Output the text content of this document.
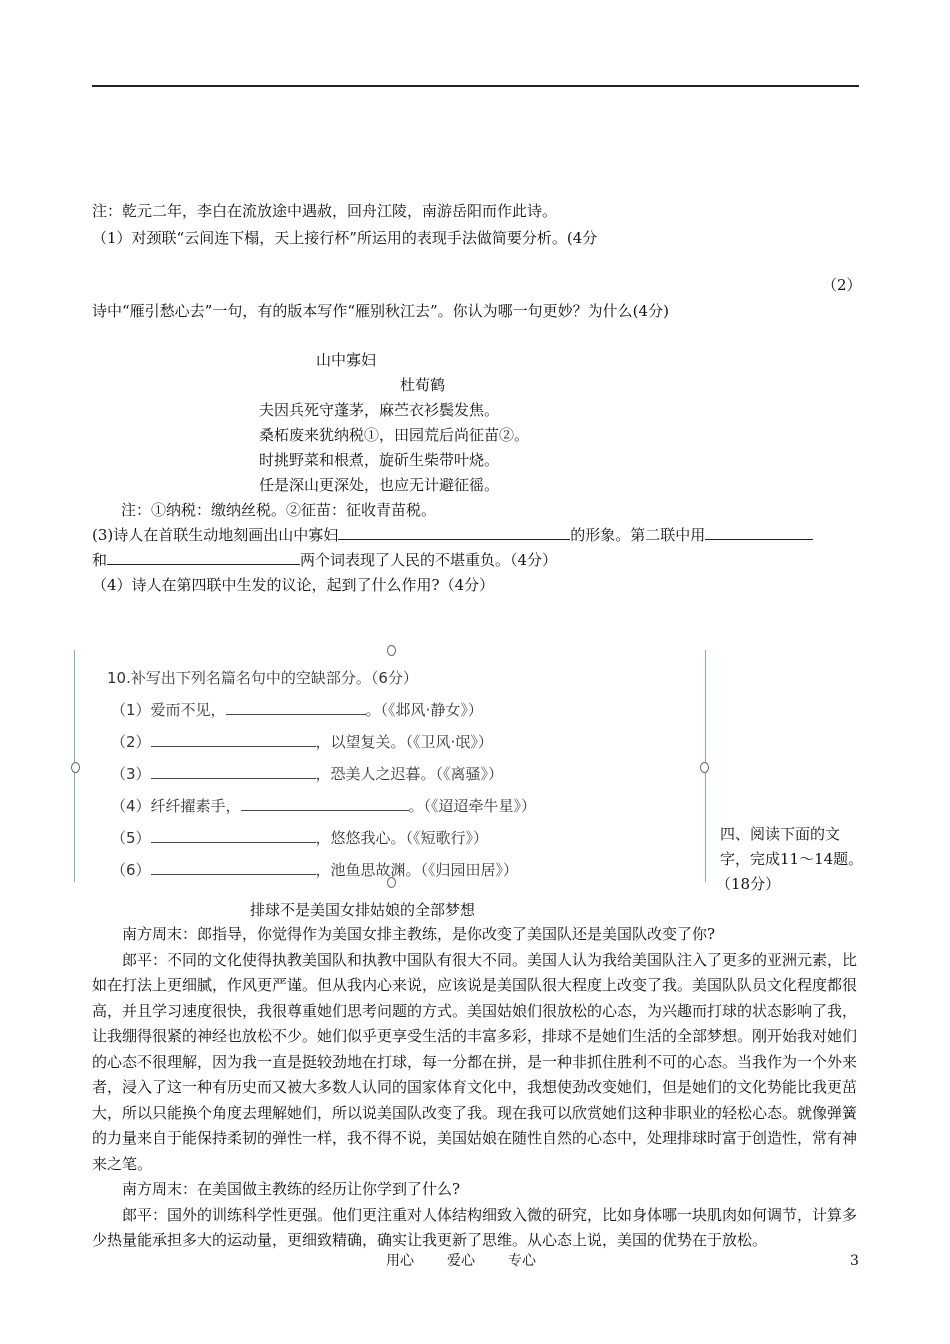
注：乾元二年，李白在流放途中遇赦，回舟江陵，南游岳阳而作此诗。
（1）对颈联“云间连下榻，天上接行杯”所运用的表现手法做简要分析。(4分
（2）
诗中“雁引愁心去”一句，有的版本写作“雁别秋江去”。你认为哪一句更妙？为什么(4分)
山中寡妇
杜荀鹤
夫因兵死守蓬茅，麻苎衣衫鬓发焦。
桑柘废来犹纳税①，田园荒后尚征苗②。
时挑野菜和根煮，旋斫生柴带叶烧。
任是深山更深处，也应无计避征徭。
注：①纳税：缴纳丝税。②征苗：征收青苗税。
(3)诗人在首联生动地刻画出山中寡妇	的形象。第二联中用
和	两个词表现了人民的不堪重负。（4分）
（4）诗人在第四联中生发的议论，起到了什么作用?（4分）
10.补写出下列名篇名句中的空缺部分。（6分）
（1）爱而不见，	。（《邶风·静女》）
（2）	，以望复关。（《卫风·氓》）
（3）	，恐美人之迟暮。（《离骚》）
（4）纤纤擢素手，	。（《迢迢牵牛星》）
（5）	，悠悠我心。（《短歌行》）
（6）	，池鱼思故渊。（《归园田居》）
四、阅读下面的文
字，完成11～14题。
（18分）
排球不是美国女排姑娘的全部梦想

南方周末：郎指导，你觉得作为美国女排主教练，是你改变了美国队还是美国队改变了你?

郎平：不同的文化使得执教美国队和执教中国队有很大不同。美国人认为我给美国队注入了更多的亚洲元素，比如在打法上更细腻，作风更严谨。但从我内心来说，应该说是美国队很大程度上改变了我。美国队队员文化程度都很高，并且学习速度很快，我很尊重她们思考问题的方式。美国姑娘们很放松的心态，为兴趣而打球的状态影响了我，让我绷得很紧的神经也放松不少。她们似乎更享受生活的丰富多彩，排球不是她们生活的全部梦想。刚开始我对她们的心态不很理解，因为我一直是挺较劲地在打球，每一分都在拼，是一种非抓住胜利不可的心态。当我作为一个外来者，浸入了这一种有历史而又被大多数人认同的国家体育文化中，我想使劲改变她们，但是她们的文化势能比我更茁大，所以只能换个角度去理解她们，所以说美国队改变了我。现在我可以欣赏她们这种非职业的轻松心态。就像弹簧的力量来自于能保持柔韧的弹性一样，我不得不说，美国姑娘在随性自然的心态中，处理排球时富于创造性，常有神来之笔。

南方周末：在美国做主教练的经历让你学到了什么?

郎平：国外的训练科学性更强。他们更注重对人体结构细致入微的研究，比如身体哪一块肌肉如何调节，计算多少热量能承担多大的运动量，更细致精确，确实让我更新了思维。从心态上说，美国的优势在于放松。

用心 爱心 专心	3
